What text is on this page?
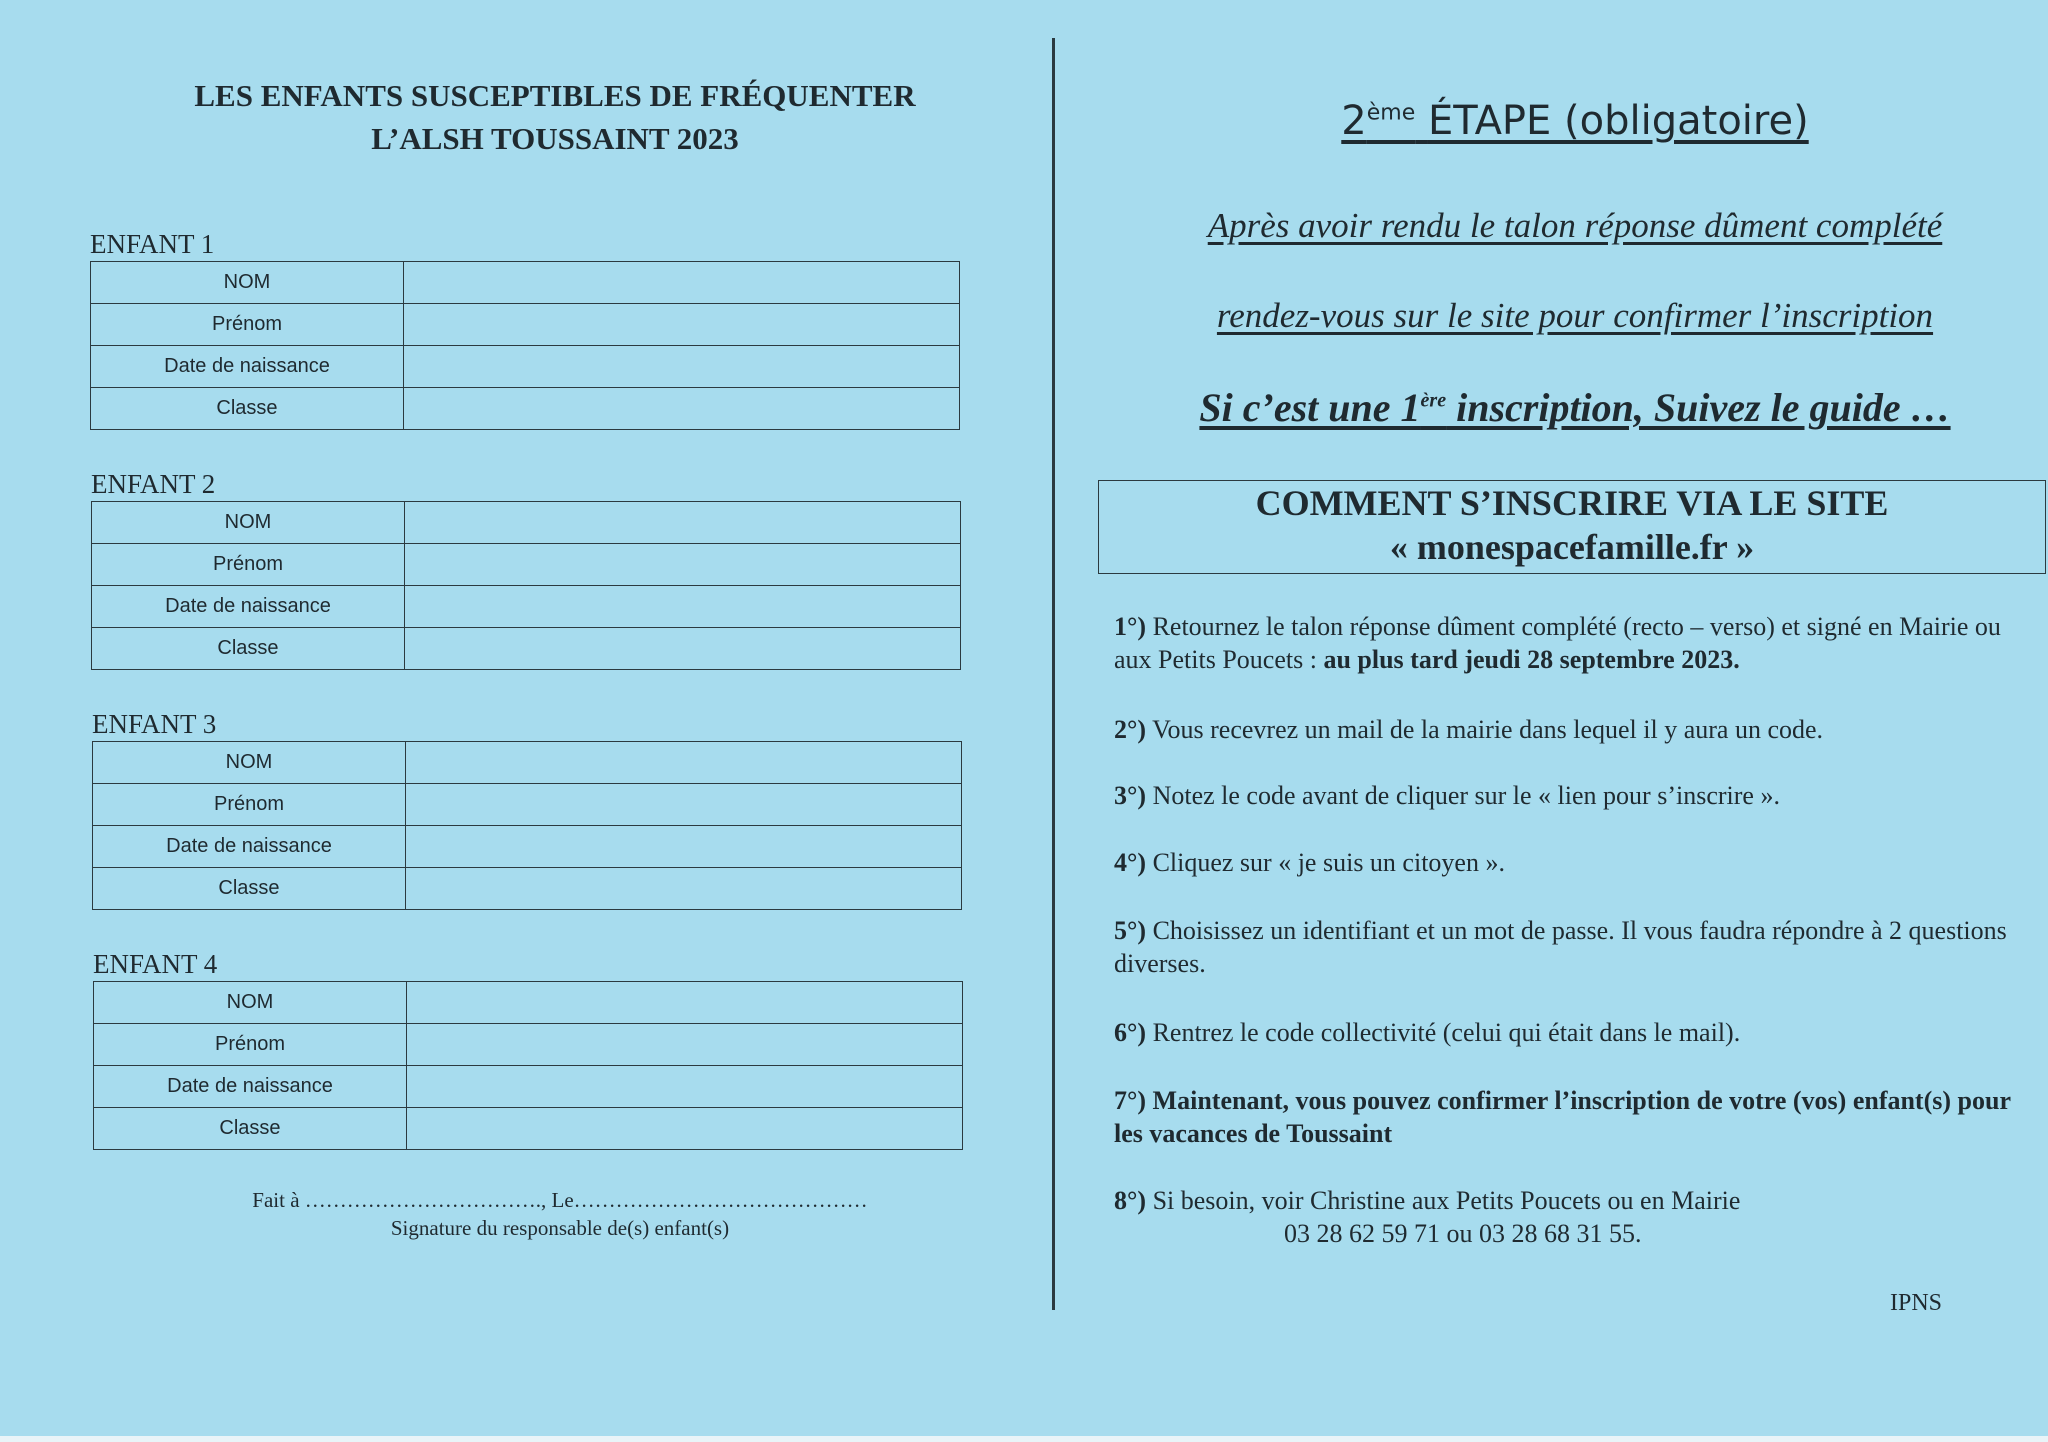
LES ENFANTS SUSCEPTIBLES DE FRÉQUENTER
L’ALSH TOUSSAINT 2023
ENFANT 1
NOM	
Prénom	
Date de naissance	
Classe	
ENFANT 2
NOM	
Prénom	
Date de naissance	
Classe	
ENFANT 3
NOM	
Prénom	
Date de naissance	
Classe	
ENFANT 4
NOM	
Prénom	
Date de naissance	
Classe	
Fait à ……………………………., Le……………………………………
Signature du responsable de(s) enfant(s)
2ème ÉTAPE (obligatoire)
Après avoir rendu le talon réponse dûment complété
rendez-vous sur le site pour confirmer l’inscription
Si c’est une 1ère inscription, Suivez le guide …
COMMENT S’INSCRIRE VIA LE SITE
« monespacefamille.fr »
1°) Retournez le talon réponse dûment complété (recto – verso) et signé en Mairie ou aux Petits Poucets : au plus tard jeudi 28 septembre 2023.
2°) Vous recevrez un mail de la mairie dans lequel il y aura un code.
3°) Notez le code avant de cliquer sur le « lien pour s’inscrire ».
4°) Cliquez sur « je suis un citoyen ».
5°) Choisissez un identifiant et un mot de passe. Il vous faudra répondre à 2 questions diverses.
6°) Rentrez le code collectivité (celui qui était dans le mail).
7°) Maintenant, vous pouvez confirmer l’inscription de votre (vos) enfant(s) pour les vacances de Toussaint
8°) Si besoin, voir Christine aux Petits Poucets ou en Mairie
03 28 62 59 71 ou 03 28 68 31 55.
IPNS
